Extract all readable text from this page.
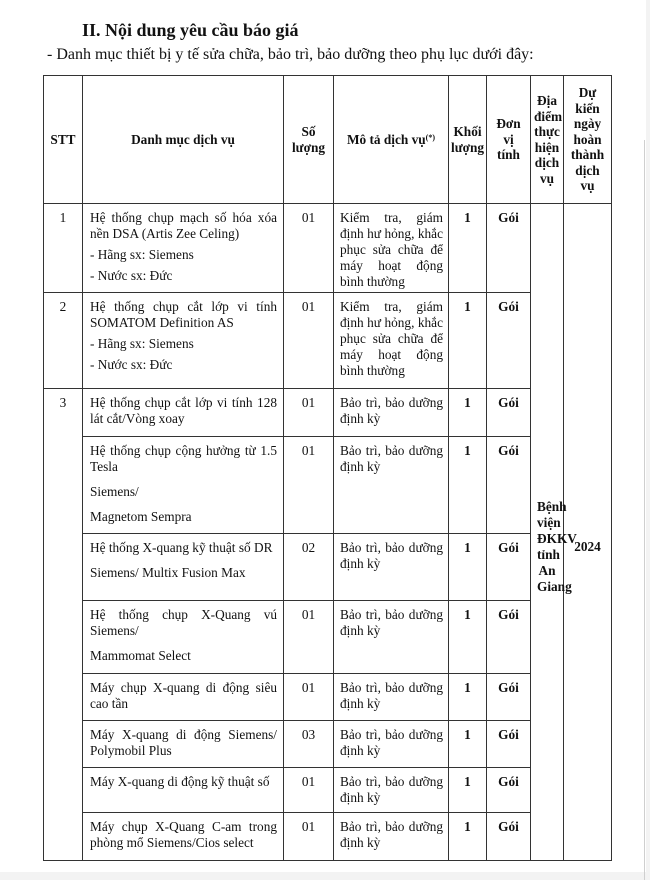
II. Nội dung yêu cầu báo giá
- Danh mục thiết bị y tế sửa chữa, bảo trì, bảo dưỡng theo phụ lục dưới đây:
STT	Danh mục dịch vụ	Số lượng	Mô tả dịch vụ(*)	Khối lượng	Đơn vị tính	Địa điểm thực hiện dịch vụ	Dự kiến ngày hoàn thành dịch vụ
1	Hệ thống chụp mạch số hóa xóa nền DSA (Artis Zee Celing)
- Hãng sx: Siemens
- Nước sx: Đức	01	Kiểm tra, giám định hư hỏng, khắc phục sửa chữa để máy hoạt động bình thường	1	Gói	Bệnh viện ĐKKV tỉnh An Giang	2024

2	Hệ thống chụp cắt lớp vi tính SOMATOM Definition AS
- Hãng sx: Siemens
- Nước sx: Đức	01	Kiểm tra, giám định hư hỏng, khắc phục sửa chữa để máy hoạt động bình thường	1	Gói		
3	Hệ thống chụp cắt lớp vi tính 128 lát cắt/Vòng xoay	01	Bảo trì, bảo dưỡng định kỳ	1	Gói		
	Hệ thống chụp cộng hưởng từ 1.5 Tesla
Siemens/
Magnetom Sempra	01	Bảo trì, bảo dưỡng định kỳ	1	Gói		
	Hệ thống X-quang kỹ thuật số DR
Siemens/ Multix Fusion Max	02	Bảo trì, bảo dưỡng định kỳ	1	Gói		
	Hệ thống chụp X-Quang vú Siemens/
Mammomat Select	01	Bảo trì, bảo dưỡng định kỳ	1	Gói		
	Máy chụp X-quang di động siêu cao tần	01	Bảo trì, bảo dưỡng định kỳ	1	Gói		
	Máy X-quang di động Siemens/ Polymobil Plus	03	Bảo trì, bảo dưỡng định kỳ	1	Gói		
	Máy X-quang di động kỹ thuật số	01	Bảo trì, bảo dưỡng định kỳ	1	Gói		
	Máy chụp X-Quang C-am trong phòng mổ Siemens/Cios select	01	Bảo trì, bảo dưỡng định kỳ	1	Gói		
